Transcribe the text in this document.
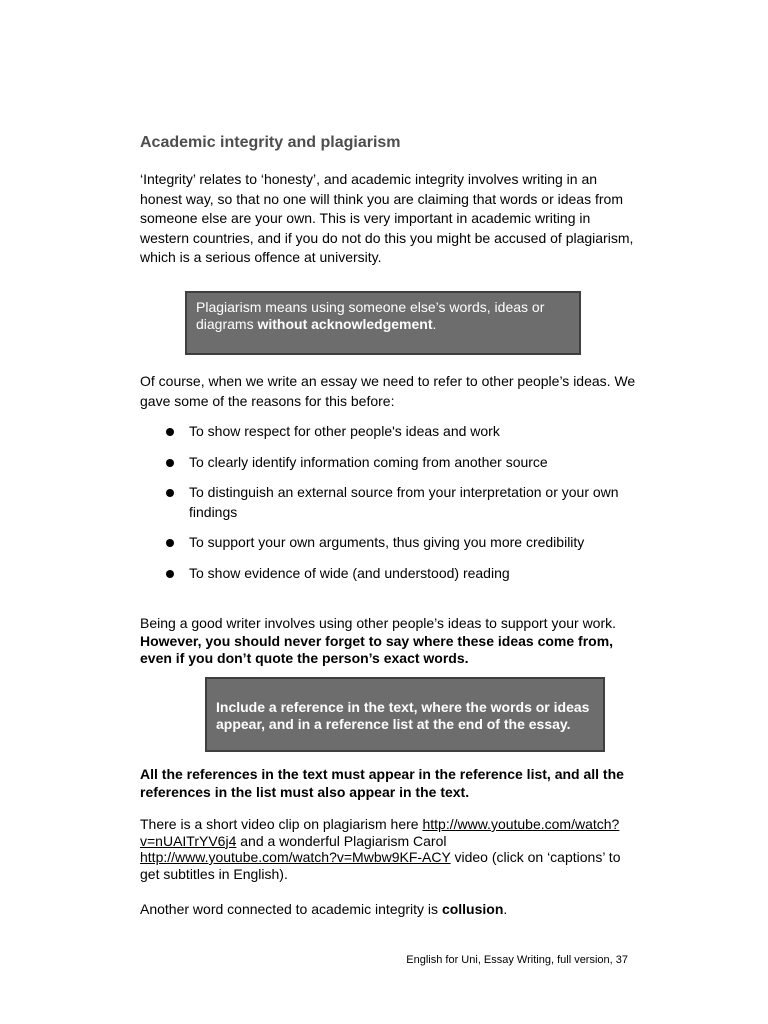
Academic integrity and plagiarism

‘Integrity’ relates to ‘honesty’, and academic integrity involves writing in an honest way, so that no one will think you are claiming that words or ideas from someone else are your own. This is very important in academic writing in western countries, and if you do not do this you might be accused of plagiarism, which is a serious offence at university.

Plagiarism means using someone else’s words, ideas or diagrams without acknowledgement.

Of course, when we write an essay we need to refer to other people’s ideas. We gave some of the reasons for this before:

To show respect for other people's ideas and work
To clearly identify information coming from another source
To distinguish an external source from your interpretation or your own findings
To support your own arguments, thus giving you more credibility
To show evidence of wide (and understood) reading

Being a good writer involves using other people’s ideas to support your work. However, you should never forget to say where these ideas come from, even if you don’t quote the person’s exact words.

Include a reference in the text, where the words or ideas appear, and in a reference list at the end of the essay.

All the references in the text must appear in the reference list, and all the references in the list must also appear in the text.

There is a short video clip on plagiarism here http://www.youtube.com/watch?v=nUAITrYV6j4 and a wonderful Plagiarism Carol http://www.youtube.com/watch?v=Mwbw9KF-ACY video (click on ‘captions’ to get subtitles in English).

Another word connected to academic integrity is collusion.

English for Uni, Essay Writing, full version, 37
